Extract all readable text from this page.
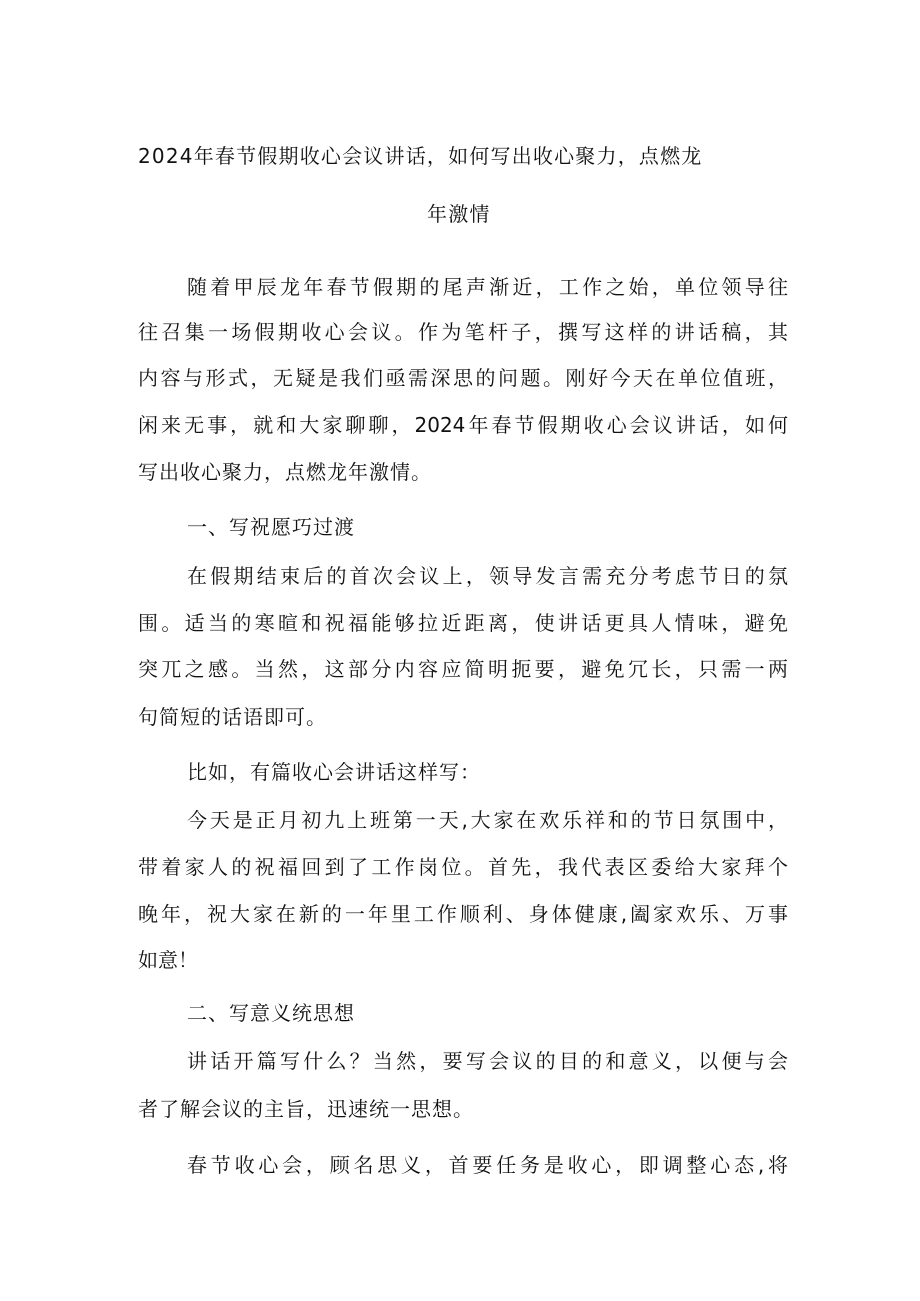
2024年春节假期收心会议讲话，如何写出收心聚力，点燃龙
年激情
随着甲辰龙年春节假期的尾声渐近，工作之始，单位领导往
往召集一场假期收心会议。作为笔杆子，撰写这样的讲话稿，其
内容与形式，无疑是我们亟需深思的问题。刚好今天在单位值班，
闲来无事，就和大家聊聊，2024年春节假期收心会议讲话，如何
写出收心聚力，点燃龙年激情。
一、写祝愿巧过渡
在假期结束后的首次会议上，领导发言需充分考虑节日的氛
围。适当的寒暄和祝福能够拉近距离，使讲话更具人情味，避免
突兀之感。当然，这部分内容应简明扼要，避免冗长，只需一两
句简短的话语即可。
比如，有篇收心会讲话这样写：
今天是正月初九上班第一天,大家在欢乐祥和的节日氛围中，
带着家人的祝福回到了工作岗位。首先，我代表区委给大家拜个
晚年，祝大家在新的一年里工作顺利、身体健康,阖家欢乐、万事
如意！
二、写意义统思想
讲话开篇写什么？当然，要写会议的目的和意义，以便与会
者了解会议的主旨，迅速统一思想。
春节收心会，顾名思义，首要任务是收心，即调整心态,将
